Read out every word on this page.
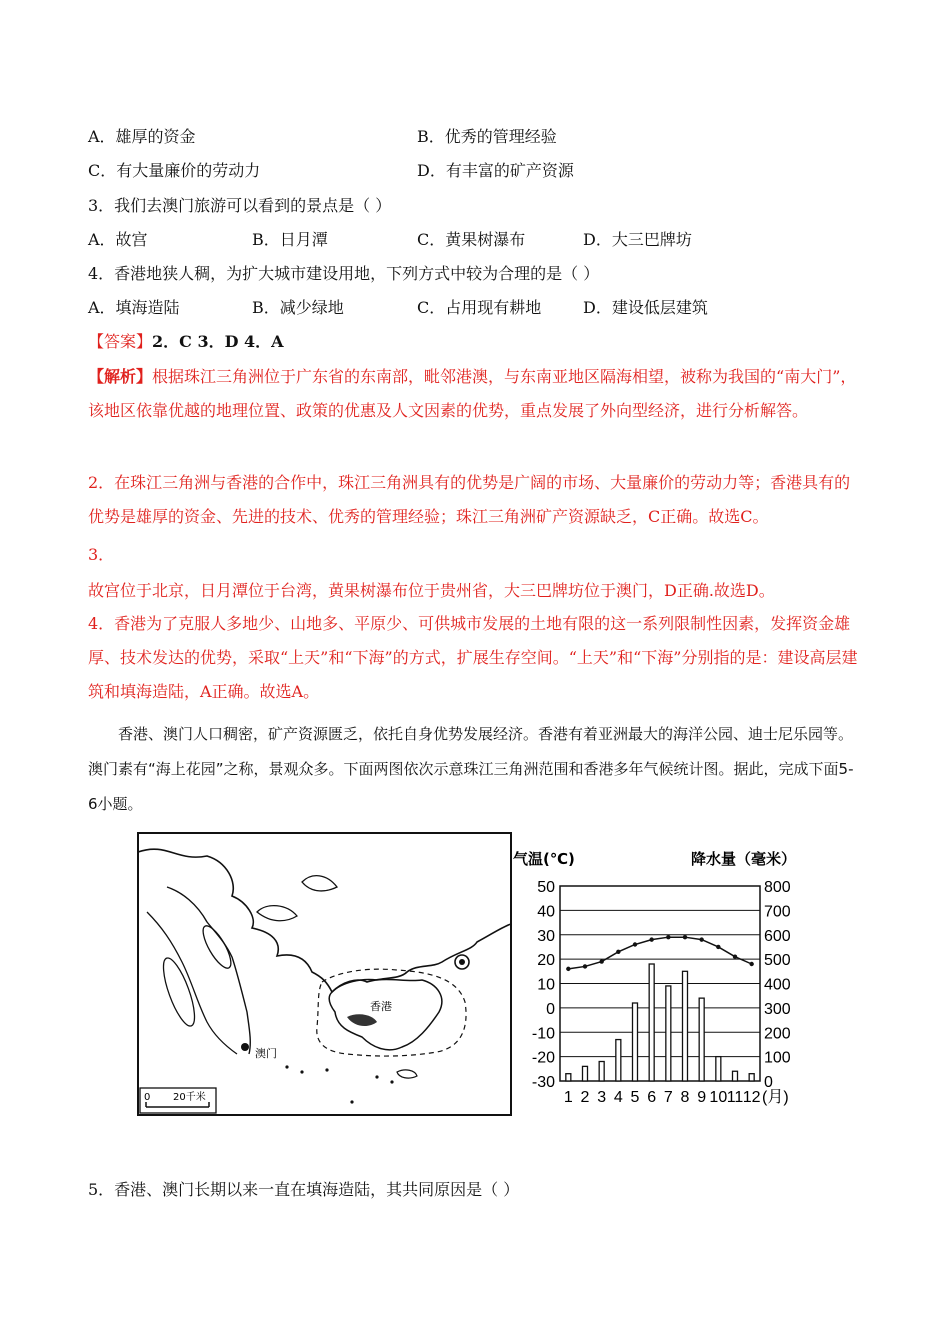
A．雄厚的资金	B．优秀的管理经验
C．有大量廉价的劳动力	D．有丰富的矿产资源
3．我们去澳门旅游可以看到的景点是（ ）
A．故宫	B．日月潭	C．黄果树瀑布	D．大三巴牌坊
4．香港地狭人稠，为扩大城市建设用地，下列方式中较为合理的是（ ）
A．填海造陆	B．减少绿地	C．占用现有耕地	D．建设低层建筑
【答案】2．C 3．D 4．A
【解析】根据珠江三角洲位于广东省的东南部，毗邻港澳，与东南亚地区隔海相望，被称为我国的“南大门”，该地区依靠优越的地理位置、政策的优惠及人文因素的优势，重点发展了外向型经济，进行分析解答。
2．在珠江三角洲与香港的合作中，珠江三角洲具有的优势是广阔的市场、大量廉价的劳动力等；香港具有的优势是雄厚的资金、先进的技术、优秀的管理经验；珠江三角洲矿产资源缺乏，C正确。故选C。
3．
故宫位于北京，日月潭位于台湾，黄果树瀑布位于贵州省，大三巴牌坊位于澳门，D正确.故选D。
4．香港为了克服人多地少、山地多、平原少、可供城市发展的土地有限的这一系列限制性因素，发挥资金雄厚、技术发达的优势，采取“上天”和“下海”的方式，扩展生存空间。“上天”和“下海”分别指的是：建设高层建筑和填海造陆，A正确。故选A。
香港、澳门人口稠密，矿产资源匮乏，依托自身优势发展经济。香港有着亚洲最大的海洋公园、迪士尼乐园等。澳门素有“海上花园”之称，景观众多。下面两图依次示意珠江三角洲范围和香港多年气候统计图。据此，完成下面5-6小题。
香港
澳门
0 20千米
气温(℃)	降水量（毫米）
50	800
40	700
30	600
20	500
10	400
0	300
-10	200
-20	100
-30	0
1 2 3 4 5 6 7 8 9 10 11 12 (月)
5．香港、澳门长期以来一直在填海造陆，其共同原因是（ ）
